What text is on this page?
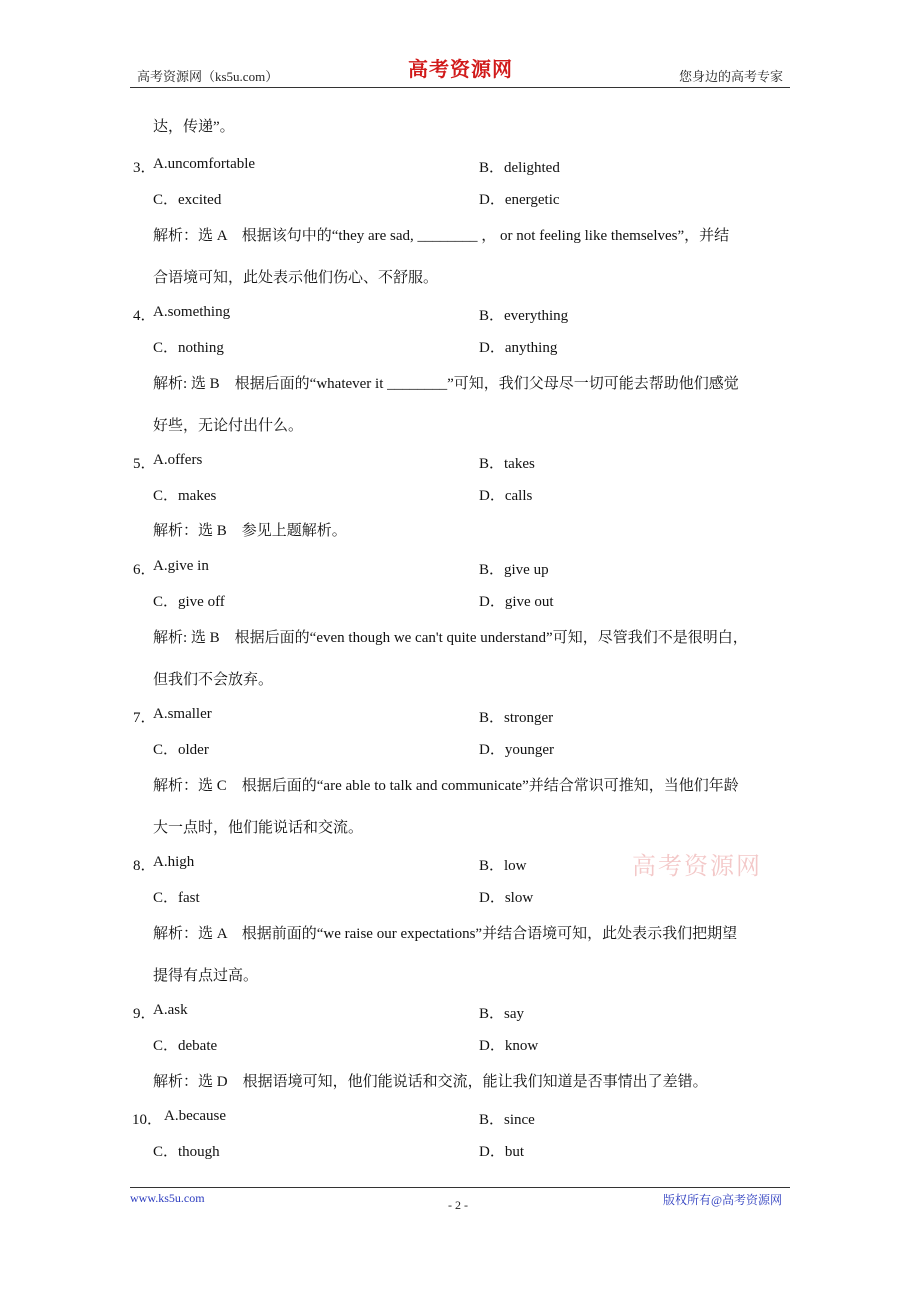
高考资源网（ks5u.com）	高考资源网	您身边的高考专家
达，传递”。
3．
A.uncomfortable	B．delighted
C．excited	D．energetic
解析：选 A　根据该句中的“they are sad, ________ ， or not feeling like themselves”，并结
合语境可知，此处表示他们伤心、不舒服。
4．
A.something	B．everything
C．nothing	D．anything
解析: 选 B　根据后面的“whatever it ________”可知，我们父母尽一切可能去帮助他们感觉
好些，无论付出什么。
5．
A.offers	B．takes
C．makes	D．calls
解析：选 B　参见上题解析。
6．
A.give in	B．give up
C．give off	D．give out
解析: 选 B　根据后面的“even though we can't quite understand”可知，尽管我们不是很明白，
但我们不会放弃。
7．
A.smaller	B．stronger
C．older	D．younger
解析：选 C　根据后面的“are able to talk and communicate”并结合常识可推知，当他们年龄
大一点时，他们能说话和交流。
8．
A.high	B．low
C．fast	D．slow
解析：选 A　根据前面的“we raise our expectations”并结合语境可知，此处表示我们把期望
提得有点过高。
9．
A.ask	B．say
C．debate	D．know
解析：选 D　根据语境可知，他们能说话和交流，能让我们知道是否事情出了差错。
10． A.because	B．since
C．though	D．but
高考资源网
www.ks5u.com	- 2 -	版权所有@高考资源网
